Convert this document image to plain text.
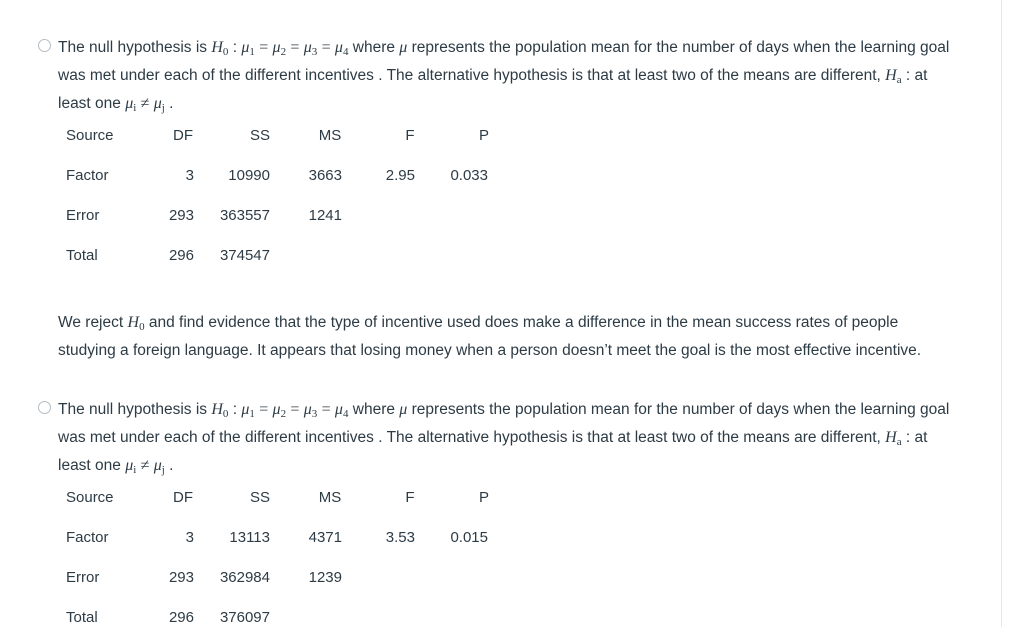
The null hypothesis is $H_0$ : $\mu_1 = \mu_2 = \mu_3 = \mu_4$ where μ represents the population mean for the number of days when the learning goal was met under each of the different incentives . The alternative hypothesis is that at least two of the means are different, $H_a$ : at least one $\mu_i \ne \mu_j$ .
Source	DF	SS	MS	F	P
Factor	3	10990	3663	2.95	0.033
Error	293	363557	1241
Total	296	374547
We reject $H_0$ and find evidence that the type of incentive used does make a difference in the mean success rates of people studying a foreign language. It appears that losing money when a person doesn’t meet the goal is the most effective incentive.
The null hypothesis is $H_0$ : $\mu_1 = \mu_2 = \mu_3 = \mu_4$ where μ represents the population mean for the number of days when the learning goal was met under each of the different incentives . The alternative hypothesis is that at least two of the means are different, $H_a$ : at least one $\mu_i \ne \mu_j$ .
Source	DF	SS	MS	F	P
Factor	3	13113	4371	3.53	0.015
Error	293	362984	1239
Total	296	376097
